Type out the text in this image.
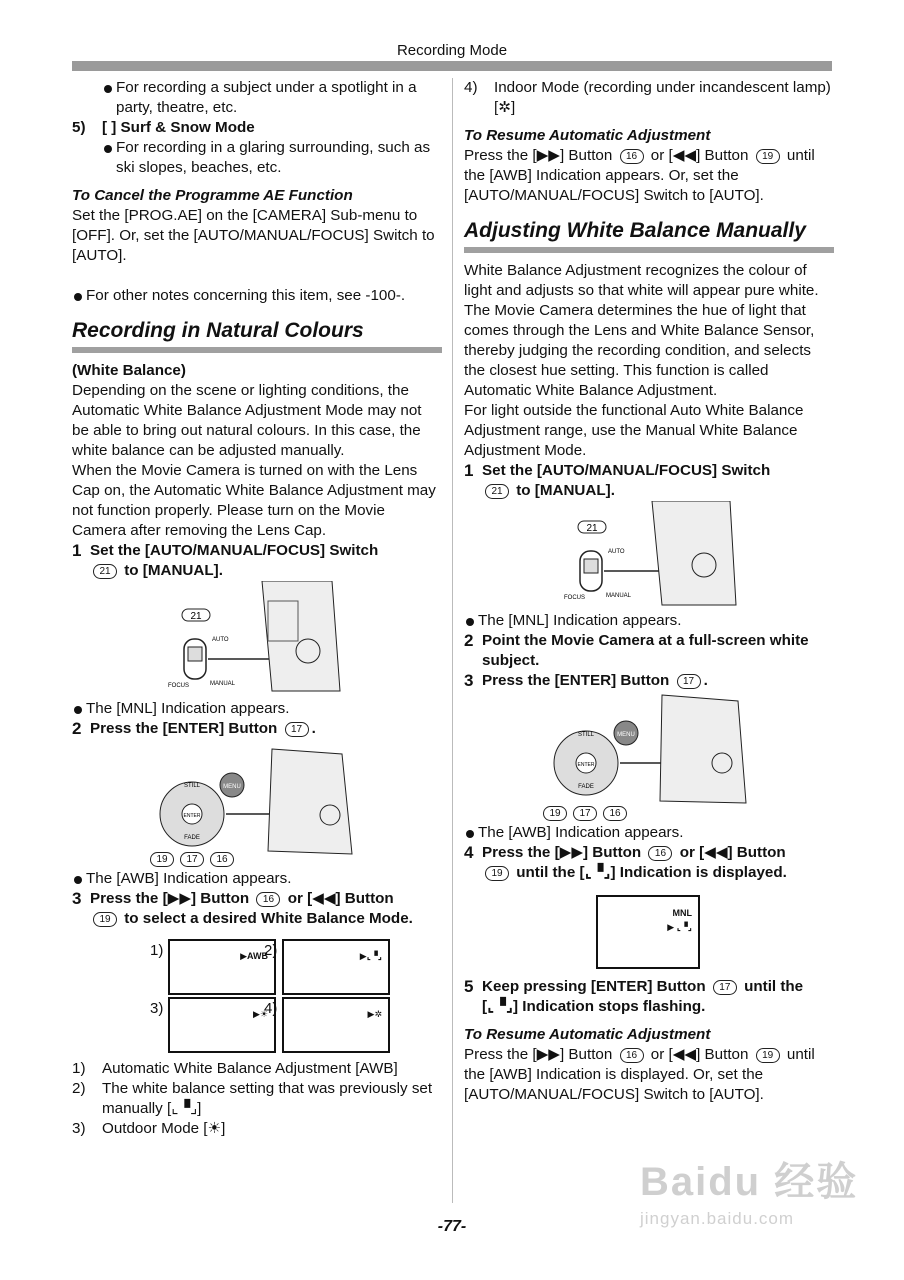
Recording Mode

For recording a subject under a spotlight in a party, theatre, etc.

5) [ ] Surf & Snow Mode

For recording in a glaring surrounding, such as ski slopes, beaches, etc.

To Cancel the Programme AE Function

Set the [PROG.AE] on the [CAMERA] Sub-menu to [OFF]. Or, set the [AUTO/MANUAL/FOCUS] Switch to [AUTO].

For other notes concerning this item, see -100-.

Recording in Natural Colours

(White Balance)

Depending on the scene or lighting conditions, the Automatic White Balance Adjustment Mode may not be able to bring out natural colours. In this case, the white balance can be adjusted manually.

When the Movie Camera is turned on with the Lens Cap on, the Automatic White Balance Adjustment may not function properly. Please turn on the Movie Camera after removing the Lens Cap.

1 Set the [AUTO/MANUAL/FOCUS] Switch
21 to [MANUAL].

21
AUTO
FOCUS	MANUAL

The [MNL] Indication appears.

2 Press the [ENTER] Button 17 .

STILL
ENTER
FADE
MENU
19 17 16

The [AWB] Indication appears.

3 Press the [▶▶] Button 16 or [◀◀] Button
19 to select a desired White Balance Mode.

1)	▶AWB
2)	▶⌞▝⌟
3)	▶☀
4)	▶✲

1) Automatic White Balance Adjustment [AWB]

2) The white balance setting that was previously set manually [⌞▝⌟]

3) Outdoor Mode [☀]

4) Indoor Mode (recording under incandescent lamp) [✲]

To Resume Automatic Adjustment

Press the [▶▶] Button 16 or [◀◀] Button 19 until the [AWB] Indication appears. Or, set the [AUTO/MANUAL/FOCUS] Switch to [AUTO].

Adjusting White Balance Manually

White Balance Adjustment recognizes the colour of light and adjusts so that white will appear pure white. The Movie Camera determines the hue of light that comes through the Lens and White Balance Sensor, thereby judging the recording condition, and selects the closest hue setting. This function is called Automatic White Balance Adjustment.

For light outside the functional Auto White Balance Adjustment range, use the Manual White Balance Adjustment Mode.

1 Set the [AUTO/MANUAL/FOCUS] Switch
21 to [MANUAL].

21
AUTO
FOCUS	MANUAL

The [MNL] Indication appears.

2 Point the Movie Camera at a full-screen white subject.

3 Press the [ENTER] Button 17 .

STILL
ENTER
FADE
MENU
19 17 16

The [AWB] Indication appears.

4 Press the [▶▶] Button 16 or [◀◀] Button
19 until the [⌞▝⌟] Indication is displayed.

MNL
▶ ⌞▝⌟

5 Keep pressing [ENTER] Button 17 until the [⌞▝⌟] Indication stops flashing.

To Resume Automatic Adjustment

Press the [▶▶] Button 16 or [◀◀] Button 19 until the [AWB] Indication is displayed. Or, set the [AUTO/MANUAL/FOCUS] Switch to [AUTO].

-77-
Baidu 经验
jingyan.baidu.com
